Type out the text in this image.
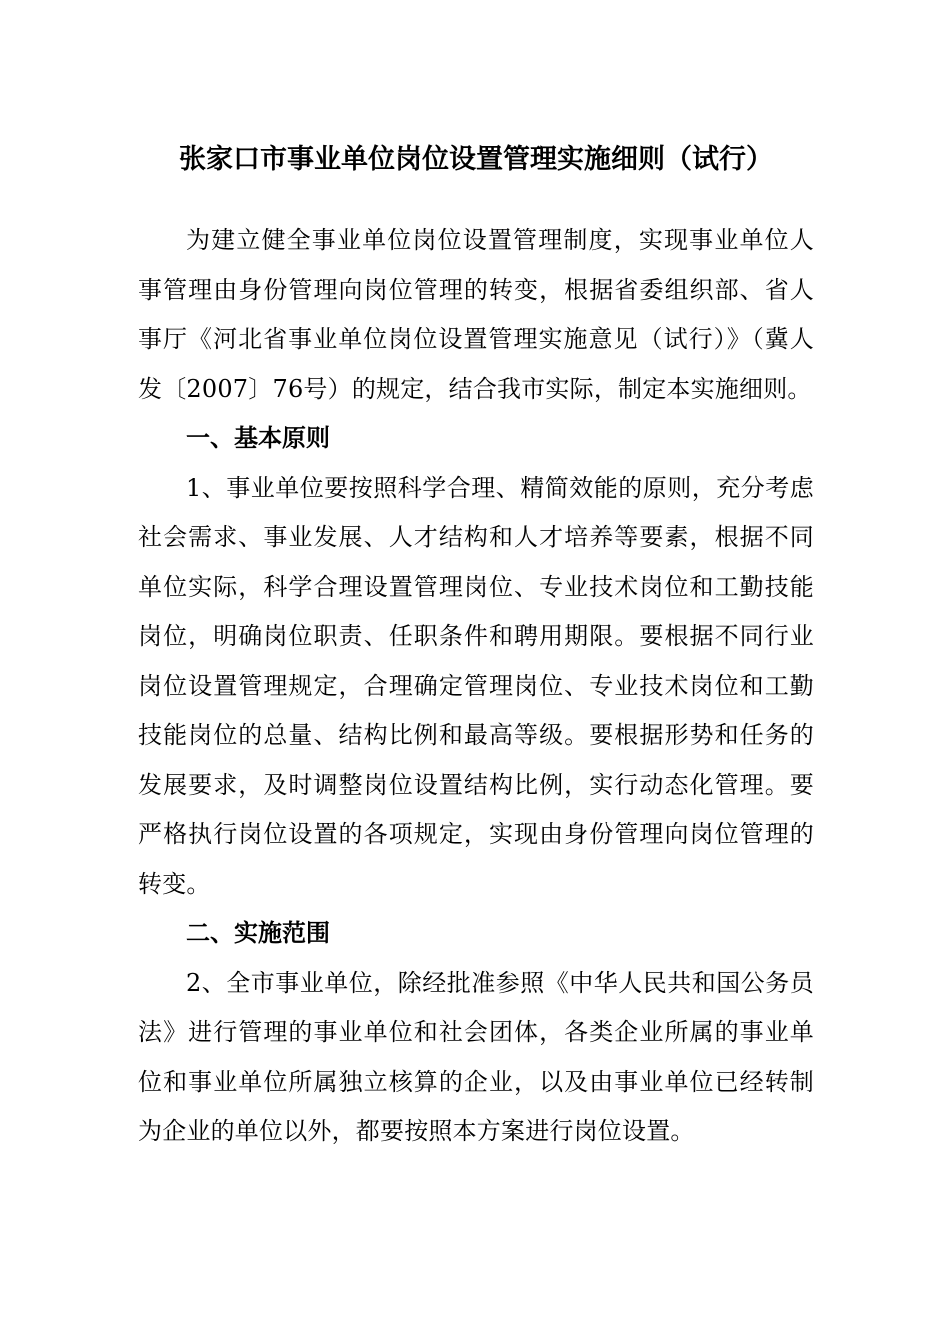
张家口市事业单位岗位设置管理实施细则（试行）

为建立健全事业单位岗位设置管理制度，实现事业单位人事管理由身份管理向岗位管理的转变，根据省委组织部、省人事厅《河北省事业单位岗位设置管理实施意见（试行）》（冀人发〔2007〕76号）的规定，结合我市实际，制定本实施细则。

一、基本原则

1、事业单位要按照科学合理、精简效能的原则，充分考虑社会需求、事业发展、人才结构和人才培养等要素，根据不同单位实际，科学合理设置管理岗位、专业技术岗位和工勤技能岗位，明确岗位职责、任职条件和聘用期限。要根据不同行业岗位设置管理规定，合理确定管理岗位、专业技术岗位和工勤技能岗位的总量、结构比例和最高等级。要根据形势和任务的发展要求，及时调整岗位设置结构比例，实行动态化管理。要严格执行岗位设置的各项规定，实现由身份管理向岗位管理的转变。

二、实施范围

2、全市事业单位，除经批准参照《中华人民共和国公务员法》进行管理的事业单位和社会团体，各类企业所属的事业单位和事业单位所属独立核算的企业，以及由事业单位已经转制为企业的单位以外，都要按照本方案进行岗位设置。
